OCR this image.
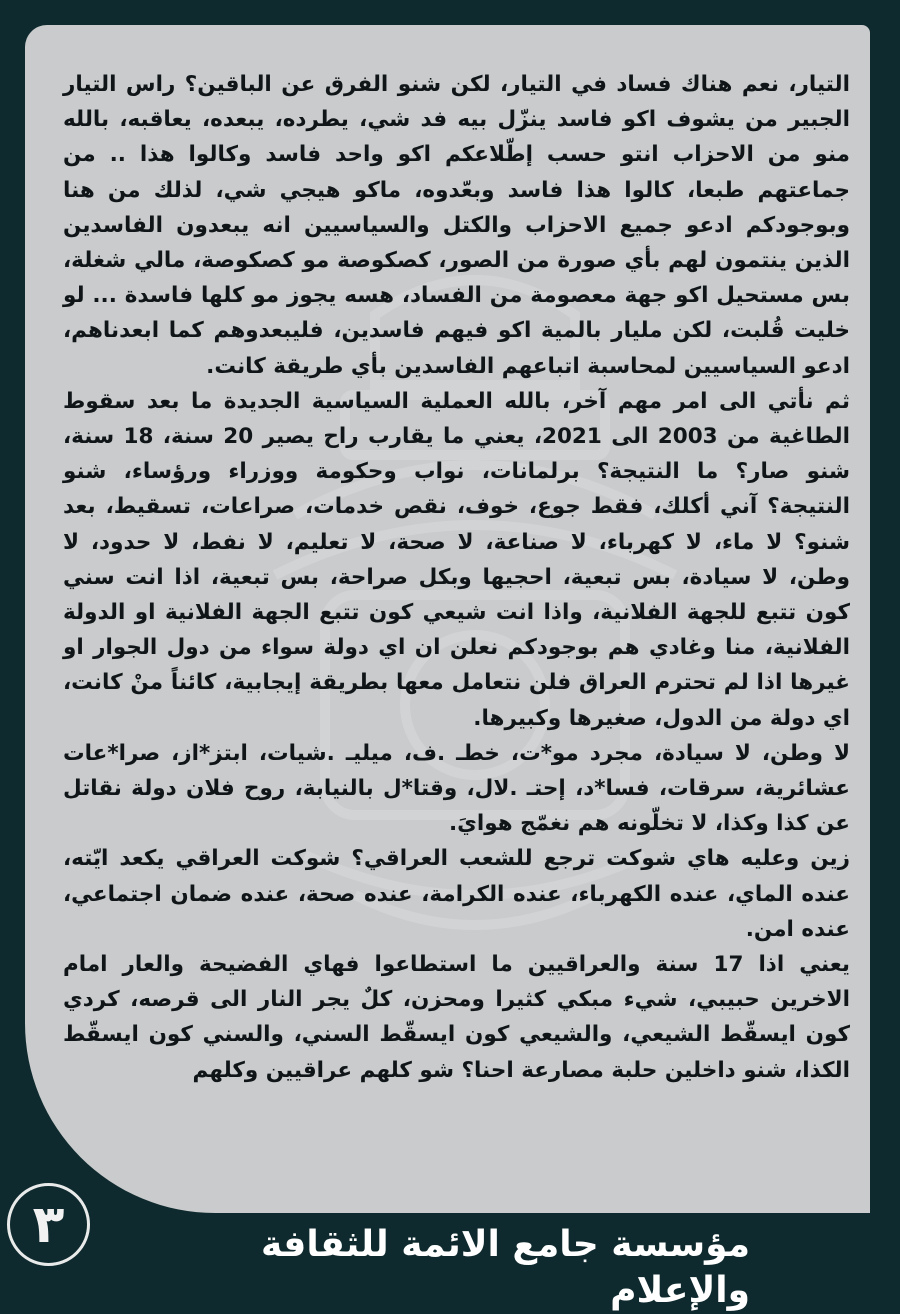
التيار، نعم هناك فساد في التيار، لكن شنو الفرق عن الباقين؟ راس التيار الجبير من يشوف اكو فاسد ينزّل بيه فد شي، يطرده، يبعده، يعاقبه، بالله منو من الاحزاب انتو حسب إطّلاعكم اكو واحد فاسد وكالوا هذا .. من جماعتهم طبعا، كالوا هذا فاسد وبعّدوه، ماكو هيجي شي، لذلك من هنا وبوجودكم ادعو جميع الاحزاب والكتل والسياسيين انه يبعدون الفاسدين الذين ينتمون لهم بأي صورة من الصور، كصكوصة مو كصكوصة، مالي شغلة، بس مستحيل اكو جهة معصومة من الفساد، هسه يجوز مو كلها فاسدة ... لو خليت قُلبت، لكن مليار بالمية اكو فيهم فاسدين، فليبعدوهم كما ابعدناهم، ادعو السياسيين لمحاسبة اتباعهم الفاسدين بأي طريقة كانت.

ثم نأتي الى امر مهم آخر، بالله العملية السياسية الجديدة ما بعد سقوط الطاغية من 2003 الى 2021، يعني ما يقارب راح يصير 20 سنة، 18 سنة، شنو صار؟ ما النتيجة؟ برلمانات، نواب وحكومة ووزراء ورؤساء، شنو النتيجة؟ آني أكلك، فقط جوع، خوف، نقص خدمات، صراعات، تسقيط، بعد شنو؟ لا ماء، لا كهرباء، لا صناعة، لا صحة، لا تعليم، لا نفط، لا حدود، لا وطن، لا سيادة، بس تبعية، احجيها وبكل صراحة، بس تبعية، اذا انت سني كون تتبع للجهة الفلانية، واذا انت شيعي كون تتبع الجهة الفلانية او الدولة الفلانية، منا وغادي هم بوجودكم نعلن ان اي دولة سواء من دول الجوار او غيرها اذا لم تحترم العراق فلن نتعامل معها بطريقة إيجابية، كائناً منْ كانت، اي دولة من الدول، صغيرها وكبيرها.

لا وطن، لا سيادة، مجرد مو*ت، خطـ .ف، ميليـ .شيات، ابتز*از، صرا*عات عشائرية، سرقات، فسا*د، إحتـ .لال، وقتا*ل بالنيابة، روح فلان دولة نقاتل عن كذا وكذا، لا تخلّونه هم نغمّج هوايَ.

زين وعليه هاي شوكت ترجع للشعب العراقي؟ شوكت العراقي يكعد ايّته، عنده الماي، عنده الكهرباء، عنده الكرامة، عنده صحة، عنده ضمان اجتماعي، عنده امن.

يعني اذا 17 سنة والعراقيين ما استطاعوا فهاي الفضيحة والعار امام الاخرين حبيبي، شيء مبكي كثيرا ومحزن، كلٌ يجر النار الى قرصه، كردي كون ايسقّط الشيعي، والشيعي كون ايسقّط السني، والسني كون ايسقّط الكذا، شنو داخلين حلبة مصارعة احنا؟ شو كلهم عراقيين وكلهم

٣	مؤسسة جامع الائمة للثقافة والإعلام
